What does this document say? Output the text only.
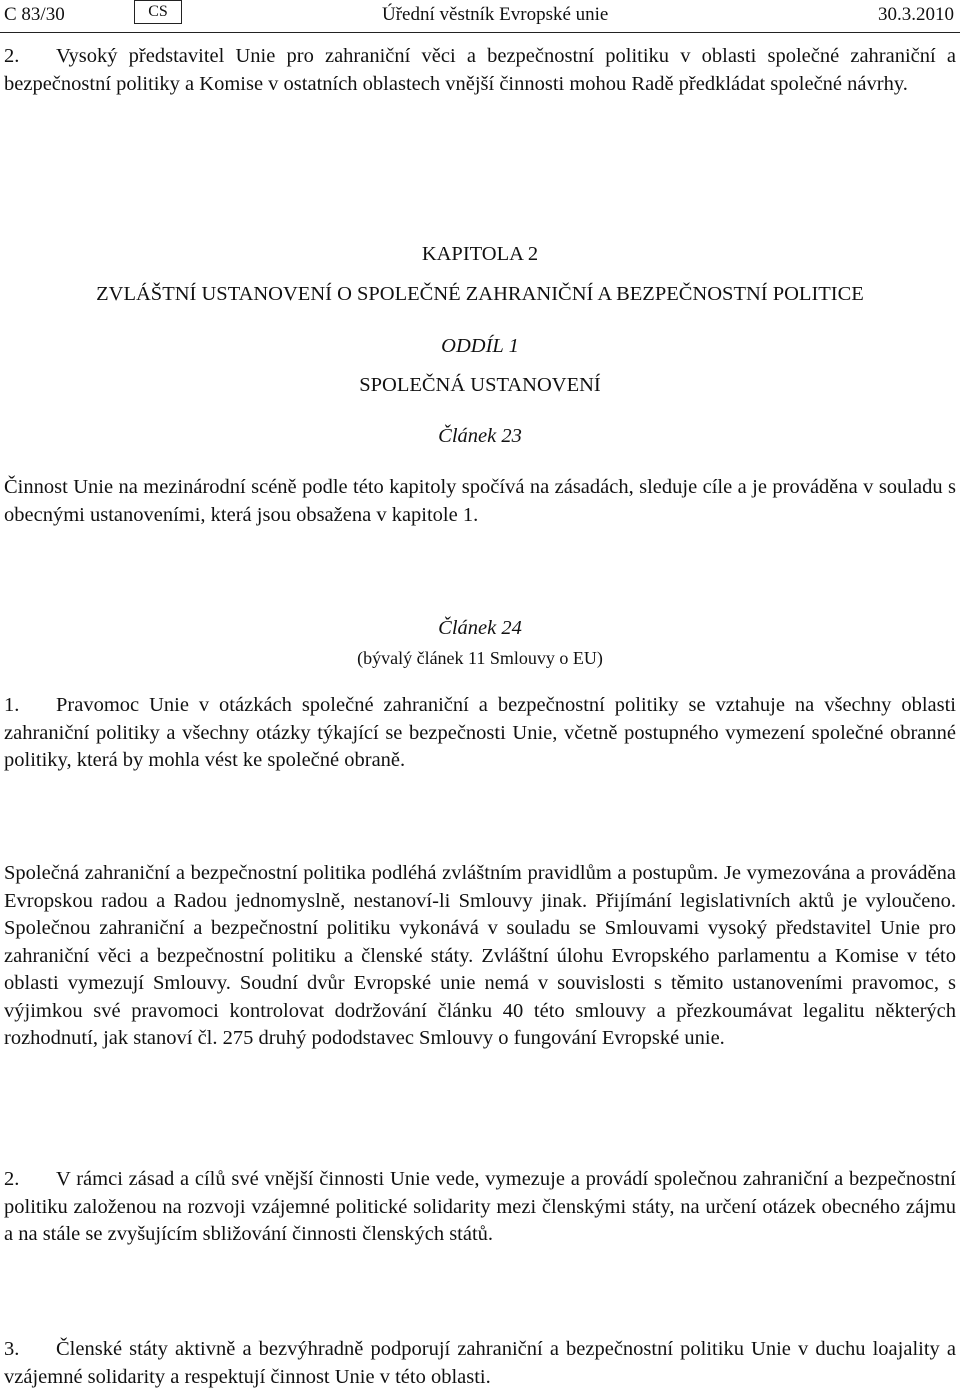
C 83/30	CS	Úřední věstník Evropské unie	30.3.2010

2. Vysoký představitel Unie pro zahraniční věci a bezpečnostní politiku v oblasti společné zahraniční a bezpečnostní politiky a Komise v ostatních oblastech vnější činnosti mohou Radě předkládat společné návrhy.

KAPITOLA 2
ZVLÁŠTNÍ USTANOVENÍ O SPOLEČNÉ ZAHRANIČNÍ A BEZPEČNOSTNÍ POLITICE
ODDÍL 1
SPOLEČNÁ USTANOVENÍ
Článek 23

Činnost Unie na mezinárodní scéně podle této kapitoly spočívá na zásadách, sleduje cíle a je prováděna v souladu s obecnými ustanoveními, která jsou obsažena v kapitole 1.

Článek 24
(bývalý článek 11 Smlouvy o EU)

1. Pravomoc Unie v otázkách společné zahraniční a bezpečnostní politiky se vztahuje na všechny oblasti zahraniční politiky a všechny otázky týkající se bezpečnosti Unie, včetně postupného vymezení společné obranné politiky, která by mohla vést ke společné obraně.

Společná zahraniční a bezpečnostní politika podléhá zvláštním pravidlům a postupům. Je vymezována a prováděna Evropskou radou a Radou jednomyslně, nestanoví-li Smlouvy jinak. Přijímání legislativních aktů je vyloučeno. Společnou zahraniční a bezpečnostní politiku vykonává v souladu se Smlouvami vysoký představitel Unie pro zahraniční věci a bezpečnostní politiku a členské státy. Zvláštní úlohu Evropského parlamentu a Komise v této oblasti vymezují Smlouvy. Soudní dvůr Evropské unie nemá v souvislosti s těmito ustanoveními pravomoc, s výjimkou své pravomoci kontrolovat dodržování článku 40 této smlouvy a přezkoumávat legalitu některých rozhodnutí, jak stanoví čl. 275 druhý pododstavec Smlouvy o fungování Evropské unie.

2. V rámci zásad a cílů své vnější činnosti Unie vede, vymezuje a provádí společnou zahraniční a bezpečnostní politiku založenou na rozvoji vzájemné politické solidarity mezi členskými státy, na určení otázek obecného zájmu a na stále se zvyšujícím sbližování činnosti členských států.

3. Členské státy aktivně a bezvýhradně podporují zahraniční a bezpečnostní politiku Unie v duchu loajality a vzájemné solidarity a respektují činnost Unie v této oblasti.
